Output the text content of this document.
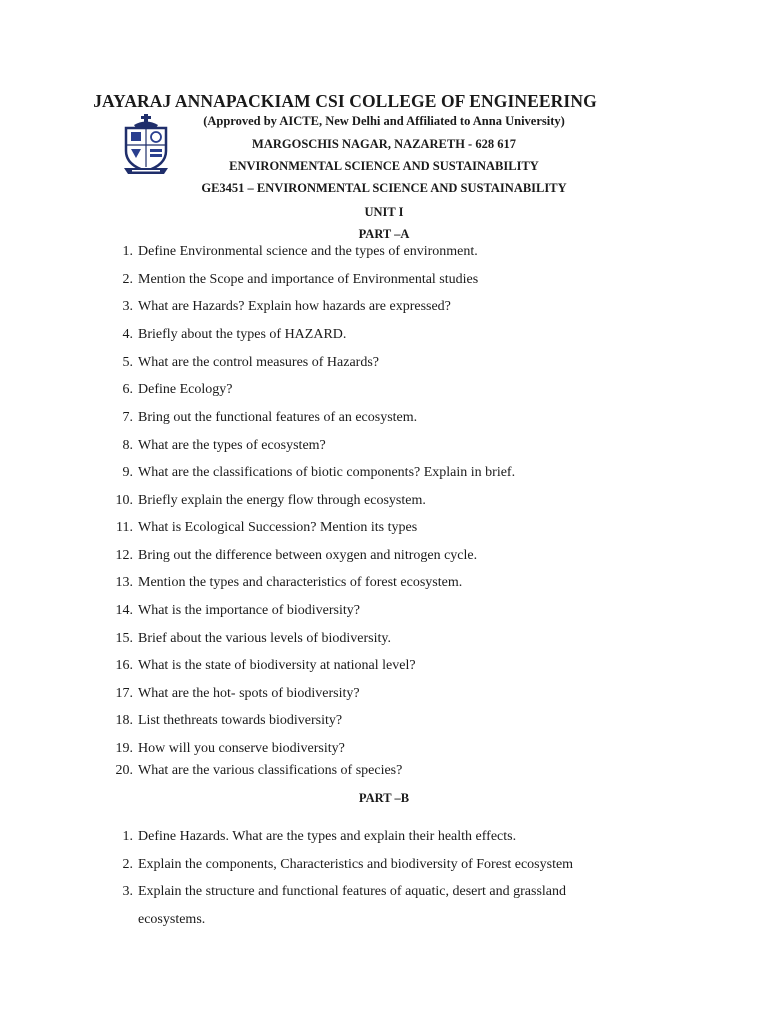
JAYARAJ ANNAPACKIAM CSI COLLEGE OF ENGINEERING
(Approved by AICTE, New Delhi and Affiliated to Anna University)
MARGOSCHIS NAGAR, NAZARETH - 628 617
ENVIRONMENTAL SCIENCE AND SUSTAINABILITY
GE3451 – ENVIRONMENTAL SCIENCE AND SUSTAINABILITY
UNIT I
PART –A
1. Define Environmental science and the types of environment.
2. Mention the Scope and importance of Environmental studies
3. What are Hazards? Explain how hazards are expressed?
4. Briefly about the types of HAZARD.
5. What are the control measures of Hazards?
6. Define Ecology?
7. Bring out the functional features of an ecosystem.
8. What are the types of ecosystem?
9. What are the classifications of biotic components? Explain in brief.
10. Briefly explain the energy flow through ecosystem.
11. What is Ecological Succession? Mention its types
12. Bring out the difference between oxygen and nitrogen cycle.
13. Mention the types and characteristics of forest ecosystem.
14. What is the importance of biodiversity?
15. Brief about the various levels of biodiversity.
16. What is the state of biodiversity at national level?
17. What are the hot- spots of biodiversity?
18. List thethreats towards biodiversity?
19. How will you conserve biodiversity?
20. What are the various classifications of species?
PART –B
1. Define Hazards. What are the types and explain their health effects.
2. Explain the components, Characteristics and biodiversity of Forest ecosystem
3. Explain the structure and functional features of aquatic, desert and grassland
ecosystems.
